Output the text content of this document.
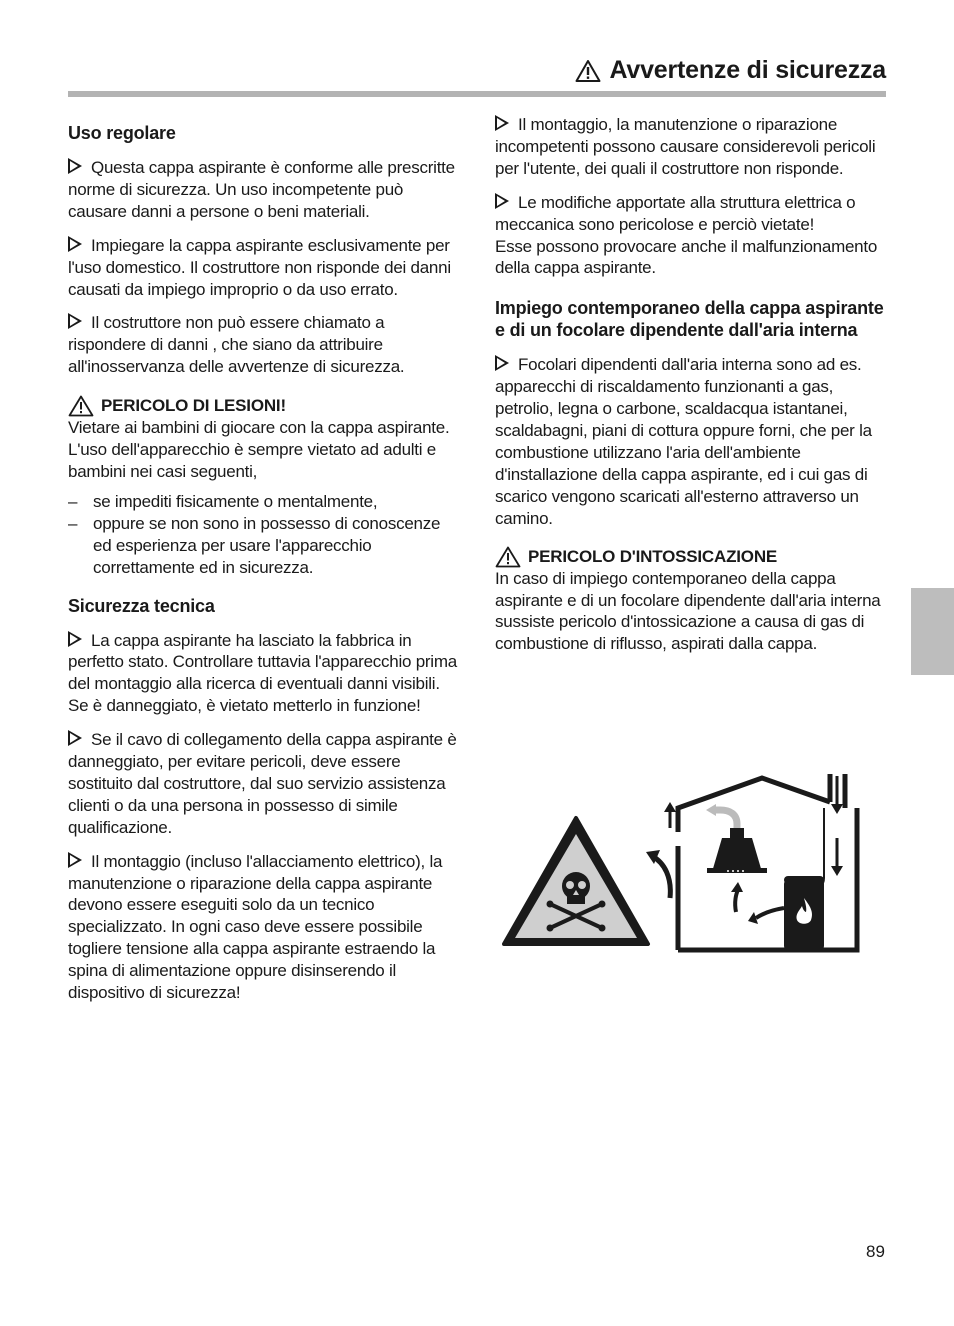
Avvertenze di sicurezza
Uso regolare

Questa cappa aspirante è conforme alle prescritte norme di sicurezza. Un uso incompetente può causare danni a persone o beni materiali.

Impiegare la cappa aspirante esclusivamente per l'uso domestico. Il costruttore non risponde dei danni causati da impiego improprio o da uso errato.

Il costruttore non può essere chiamato a rispondere di danni , che siano da attribuire all'inosservanza delle avvertenze di sicurezza.

PERICOLO DI LESIONI!

Vietare ai bambini di giocare con la cappa aspirante. L'uso dell'apparecchio è sempre vietato ad adulti e bambini nei casi seguenti,

– se impediti fisicamente o mentalmente,
– oppure se non sono in possesso di conoscenze ed esperienza per usare l'apparecchio correttamente ed in sicurezza.
Sicurezza tecnica

La cappa aspirante ha lasciato la fabbrica in perfetto stato. Controllare tuttavia l'apparecchio prima del montaggio alla ricerca di eventuali danni visibili. Se è danneggiato, è vietato metterlo in funzione!

Se il cavo di collegamento della cappa aspirante è danneggiato, per evitare pericoli, deve essere sostituito dal costruttore, dal suo servizio assistenza clienti o da una persona in possesso di simile qualificazione.

Il montaggio (incluso l'allacciamento elettrico), la manutenzione o riparazione della cappa aspirante devono essere eseguiti solo da un tecnico specializzato. In ogni caso deve essere possibile togliere tensione alla cappa aspirante estraendo la spina di alimentazione oppure disinserendo il dispositivo di sicurezza!

Il montaggio, la manutenzione o riparazione incompetenti possono causare considerevoli pericoli per l'utente, dei quali il costruttore non risponde.

Le modifiche apportate alla struttura elettrica o meccanica sono pericolose e perciò vietate!

Esse possono provocare anche il malfunzionamento della cappa aspirante.

Impiego contemporaneo della cappa aspirante e di un focolare dipendente dall'aria interna

Focolari dipendenti dall'aria interna sono ad es. apparecchi di riscaldamento funzionanti a gas, petrolio, legna o carbone, scaldacqua istantanei, scaldabagni, piani di cottura oppure forni, che per la combustione utilizzano l'aria dell'ambiente d'installazione della cappa aspirante, ed i cui gas di scarico vengono scaricati all'esterno attraverso un camino.

PERICOLO D'INTOSSICAZIONE

In caso di impiego contemporaneo della cappa aspirante e di un focolare dipendente dall'aria interna sussiste pericolo d'intossicazione a causa di gas di combustione di riflusso, aspirati dalla cappa.

89
